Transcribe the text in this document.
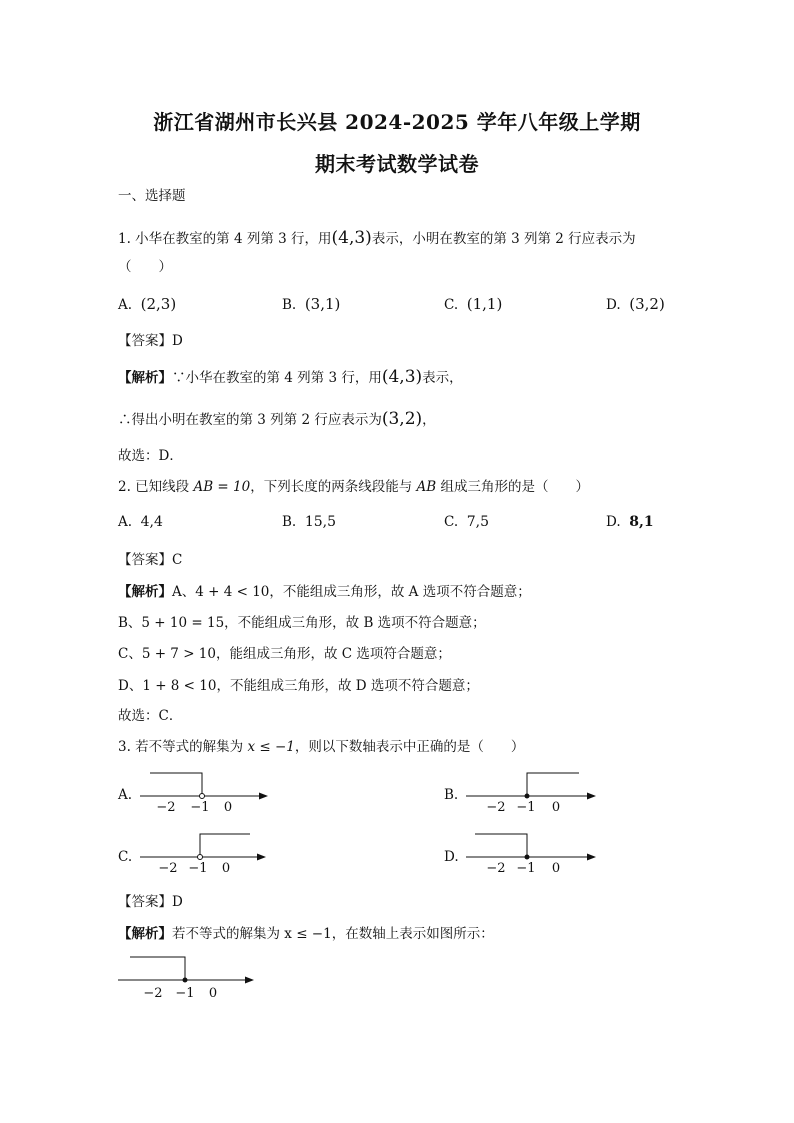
浙江省湖州市长兴县 2024-2025 学年八年级上学期
期末考试数学试卷
一、选择题
1. 小华在教室的第 4 列第 3 行，用(4,3)表示，小明在教室的第 3 列第 2 行应表示为
（　　）
A. (2,3)	B. (3,1)	C. (1,1)	D. (3,2)
【答案】D
【解析】∵小华在教室的第 4 列第 3 行，用(4,3)表示，
∴得出小明在教室的第 3 列第 2 行应表示为(3,2)，
故选：D．
2. 已知线段 AB = 10，下列长度的两条线段能与 AB 组成三角形的是（　　）
A. 4,4	B. 15,5	C. 7,5	D. 8,1
【答案】C
【解析】A、4 + 4 < 10，不能组成三角形，故 A 选项不符合题意；
B、5 + 10 = 15，不能组成三角形，故 B 选项不符合题意；
C、5 + 7 > 10，能组成三角形，故 C 选项符合题意；
D、1 + 8 < 10，不能组成三角形，故 D 选项不符合题意；
故选：C．
3. 若不等式的解集为 x ≤ −1，则以下数轴表示中正确的是（　　）
A.
−2 −1 0
B.
−2 −1 0
C.
−2 −1 0
D.
−2 −1 0
【答案】D
【解析】若不等式的解集为 x ≤ −1，在数轴上表示如图所示：
−2 −1 0
